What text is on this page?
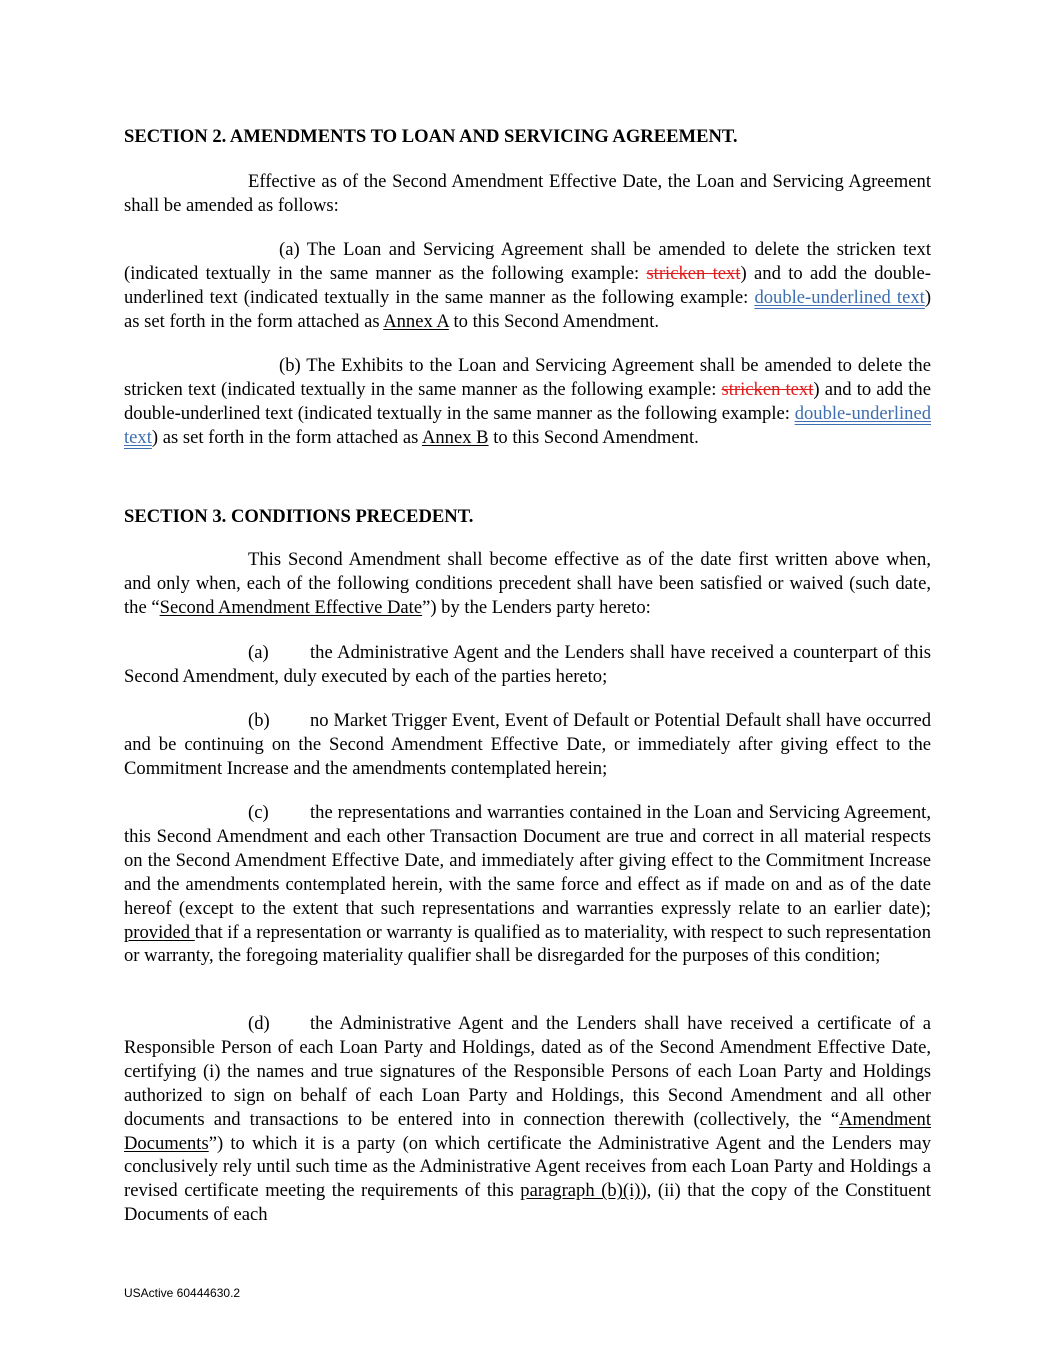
SECTION 2. AMENDMENTS TO LOAN AND SERVICING AGREEMENT.

Effective as of the Second Amendment Effective Date, the Loan and Servicing Agreement shall be amended as follows:

(a) The Loan and Servicing Agreement shall be amended to delete the stricken text (indicated textually in the same manner as the following example: stricken text) and to add the double-underlined text (indicated textually in the same manner as the following example: double-underlined text) as set forth in the form attached as Annex A to this Second Amendment.

(b) The Exhibits to the Loan and Servicing Agreement shall be amended to delete the stricken text (indicated textually in the same manner as the following example: stricken text) and to add the double-underlined text (indicated textually in the same manner as the following example: double-underlined text) as set forth in the form attached as Annex B to this Second Amendment.

SECTION 3. CONDITIONS PRECEDENT.

This Second Amendment shall become effective as of the date first written above when, and only when, each of the following conditions precedent shall have been satisfied or waived (such date, the “Second Amendment Effective Date”) by the Lenders party hereto:

(a) the Administrative Agent and the Lenders shall have received a counterpart of this Second Amendment, duly executed by each of the parties hereto;

(b) no Market Trigger Event, Event of Default or Potential Default shall have occurred and be continuing on the Second Amendment Effective Date, or immediately after giving effect to the Commitment Increase and the amendments contemplated herein;

(c) the representations and warranties contained in the Loan and Servicing Agreement, this Second Amendment and each other Transaction Document are true and correct in all material respects on the Second Amendment Effective Date, and immediately after giving effect to the Commitment Increase and the amendments contemplated herein, with the same force and effect as if made on and as of the date hereof (except to the extent that such representations and warranties expressly relate to an earlier date); provided that if a representation or warranty is qualified as to materiality, with respect to such representation or warranty, the foregoing materiality qualifier shall be disregarded for the purposes of this condition;

(d) the Administrative Agent and the Lenders shall have received a certificate of a Responsible Person of each Loan Party and Holdings, dated as of the Second Amendment Effective Date, certifying (i) the names and true signatures of the Responsible Persons of each Loan Party and Holdings authorized to sign on behalf of each Loan Party and Holdings, this Second Amendment and all other documents and transactions to be entered into in connection therewith (collectively, the “Amendment Documents”) to which it is a party (on which certificate the Administrative Agent and the Lenders may conclusively rely until such time as the Administrative Agent receives from each Loan Party and Holdings a revised certificate meeting the requirements of this paragraph (b)(i)), (ii) that the copy of the Constituent Documents of each

USActive 60444630.2
